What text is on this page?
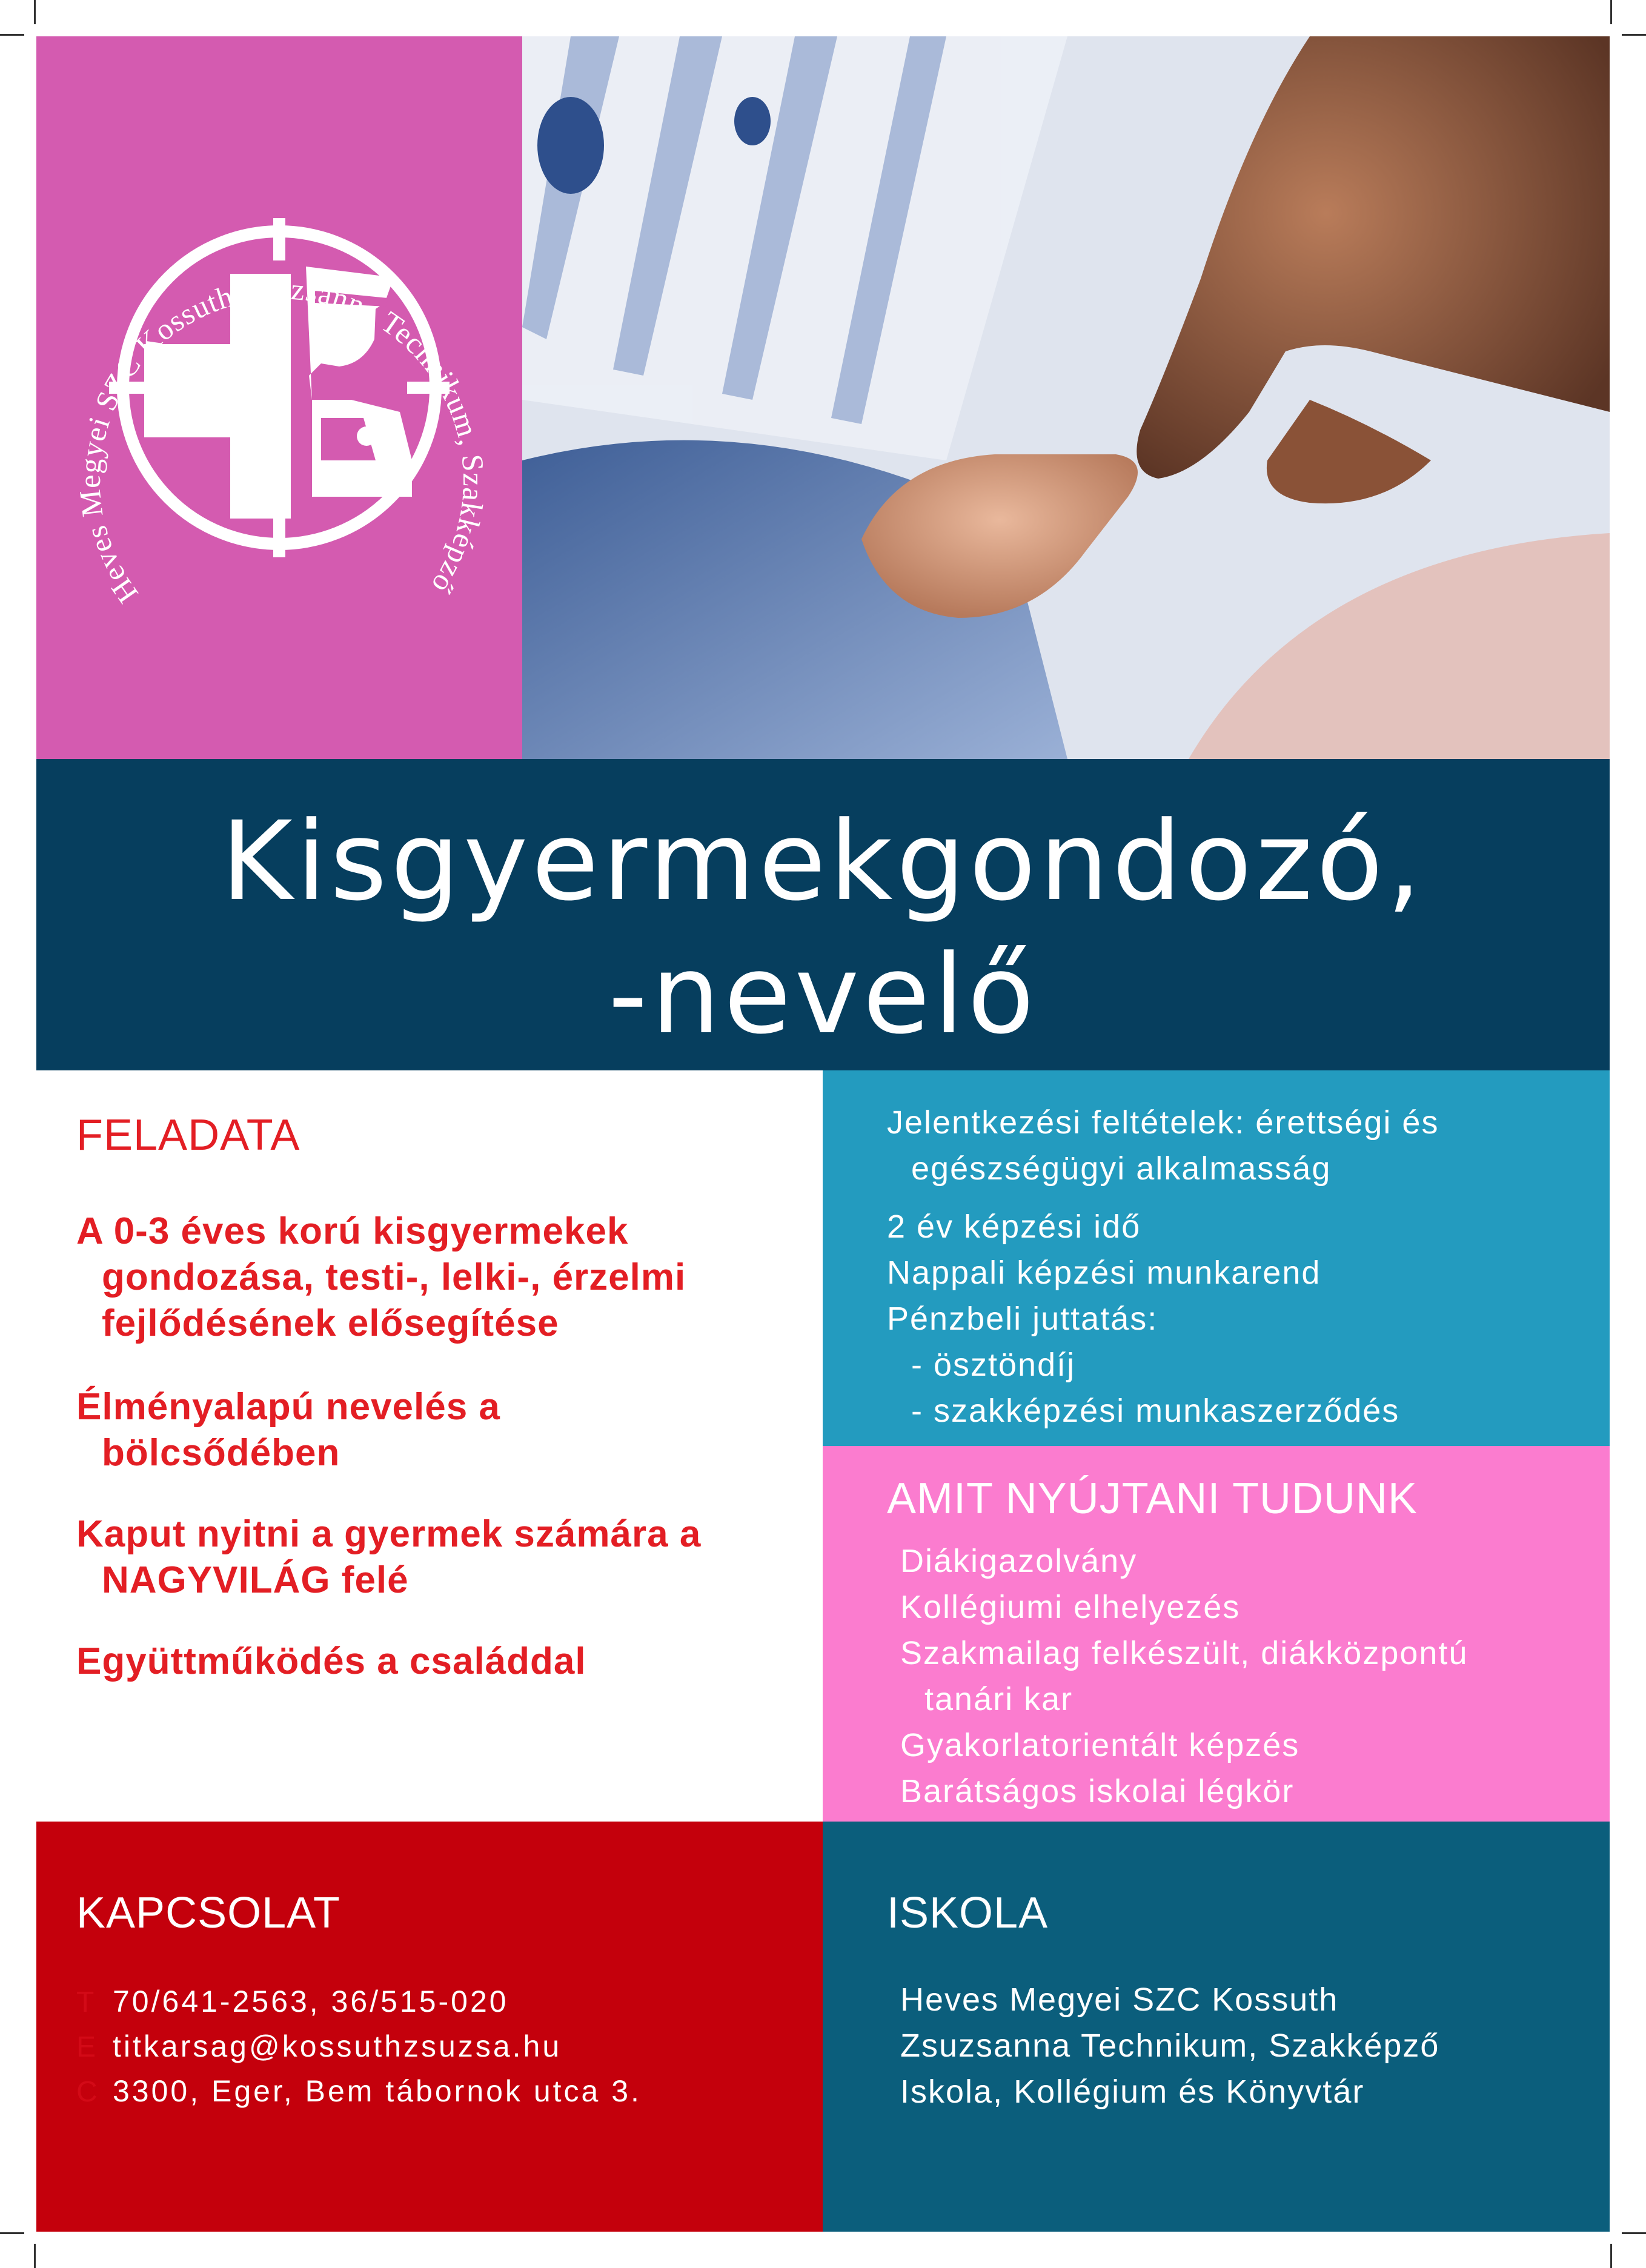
Heves Megyei SZC Kossuth Zsuzsanna Technikum, Szakképző
Kisgyermekgondozó,
-nevelő
FELADATA
A 0-3 éves korú kisgyermekek
gondozása, testi-, lelki-, érzelmi
fejlődésének elősegítése
Élményalapú nevelés a
bölcsődében
Kaput nyitni a gyermek számára a
NAGYVILÁG felé
Együttműködés a családdal
Jelentkezési feltételek: érettségi és
egészségügyi alkalmasság
2 év képzési idő
Nappali képzési munkarend
Pénzbeli juttatás:
- ösztöndíj
- szakképzési munkaszerződés
AMIT NYÚJTANI TUDUNK
Diákigazolvány
Kollégiumi elhelyezés
Szakmailag felkészült, diákközpontú
tanári kar
Gyakorlatorientált képzés
Barátságos iskolai légkör
KAPCSOLAT
T 70/641-2563, 36/515-020
E titkarsag@kossuthzsuzsa.hu
C 3300, Eger, Bem tábornok utca 3.
ISKOLA
Heves Megyei SZC Kossuth
Zsuzsanna Technikum, Szakképző
Iskola, Kollégium és Könyvtár
